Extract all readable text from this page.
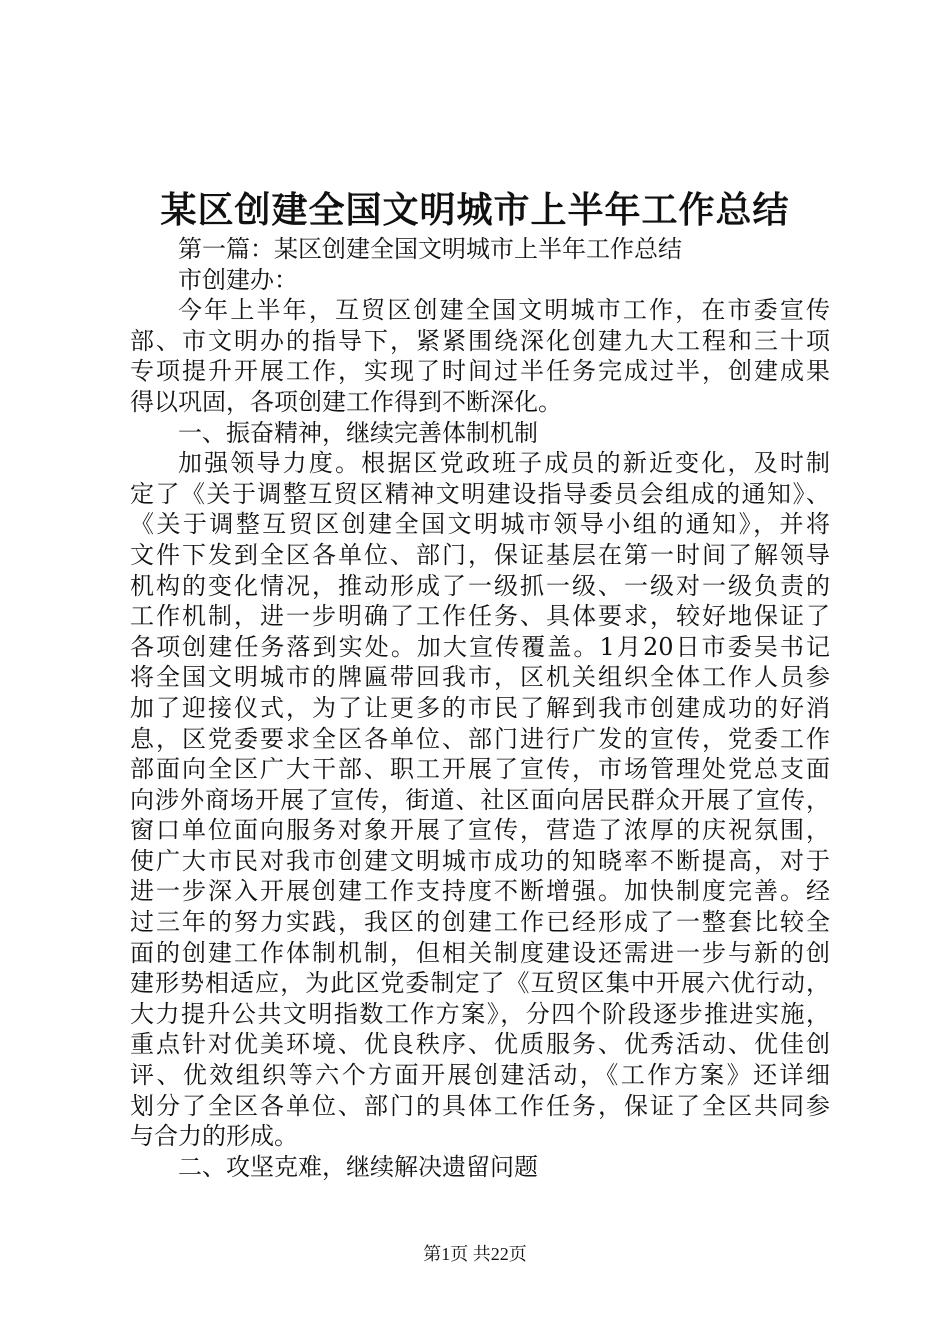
某区创建全国文明城市上半年工作总结

第一篇：某区创建全国文明城市上半年工作总结

市创建办：

今年上半年，互贸区创建全国文明城市工作，在市委宣传

部、市文明办的指导下，紧紧围绕深化创建九大工程和三十项

专项提升开展工作，实现了时间过半任务完成过半，创建成果

得以巩固，各项创建工作得到不断深化。

一、振奋精神，继续完善体制机制

加强领导力度。根据区党政班子成员的新近变化，及时制

定了《关于调整互贸区精神文明建设指导委员会组成的通知》、

《关于调整互贸区创建全国文明城市领导小组的通知》，并将

文件下发到全区各单位、部门，保证基层在第一时间了解领导

机构的变化情况，推动形成了一级抓一级、一级对一级负责的

工作机制，进一步明确了工作任务、具体要求，较好地保证了

各项创建任务落到实处。加大宣传覆盖。1月20日市委吴书记

将全国文明城市的牌匾带回我市，区机关组织全体工作人员参

加了迎接仪式，为了让更多的市民了解到我市创建成功的好消

息，区党委要求全区各单位、部门进行广发的宣传，党委工作

部面向全区广大干部、职工开展了宣传，市场管理处党总支面

向涉外商场开展了宣传，街道、社区面向居民群众开展了宣传，

窗口单位面向服务对象开展了宣传，营造了浓厚的庆祝氛围，

使广大市民对我市创建文明城市成功的知晓率不断提高，对于

进一步深入开展创建工作支持度不断增强。加快制度完善。经

过三年的努力实践，我区的创建工作已经形成了一整套比较全

面的创建工作体制机制，但相关制度建设还需进一步与新的创

建形势相适应，为此区党委制定了《互贸区集中开展六优行动，

大力提升公共文明指数工作方案》，分四个阶段逐步推进实施，

重点针对优美环境、优良秩序、优质服务、优秀活动、优佳创

评、优效组织等六个方面开展创建活动，《工作方案》还详细

划分了全区各单位、部门的具体工作任务，保证了全区共同参

与合力的形成。

二、攻坚克难，继续解决遗留问题

第1页 共22页
